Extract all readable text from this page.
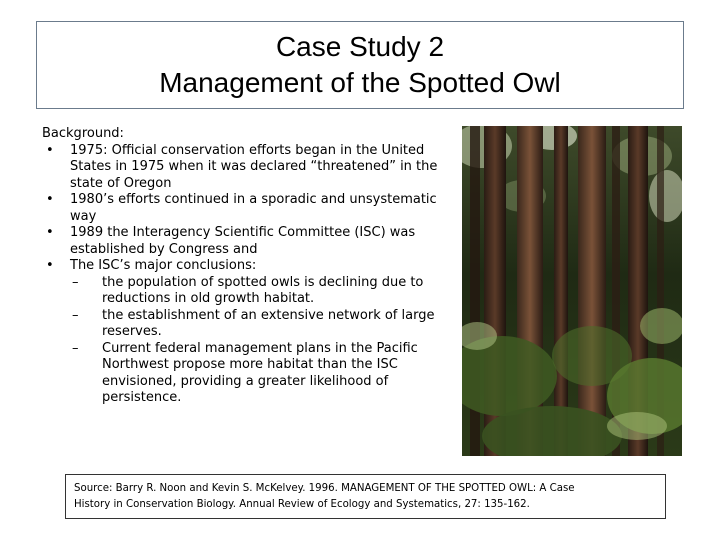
Case Study 2
Management of the Spotted Owl
Background:
•	1975: Official conservation efforts began in the United States in 1975 when it was declared “threatened” in the state of Oregon
•	1980’s efforts continued in a sporadic and unsystematic way
•	1989 the Interagency Scientific Committee (ISC) was established by Congress and
•	The ISC’s major conclusions:
–	the population of spotted owls is declining due to reductions in old growth habitat.
–	the establishment of an extensive network of large reserves.
–	Current federal management plans in the Pacific Northwest propose more habitat than the ISC envisioned, providing a greater likelihood of persistence.
Source: Barry R. Noon and Kevin S. McKelvey. 1996. MANAGEMENT OF THE SPOTTED OWL: A Case
History in Conservation Biology. Annual Review of Ecology and Systematics, 27: 135-162.
